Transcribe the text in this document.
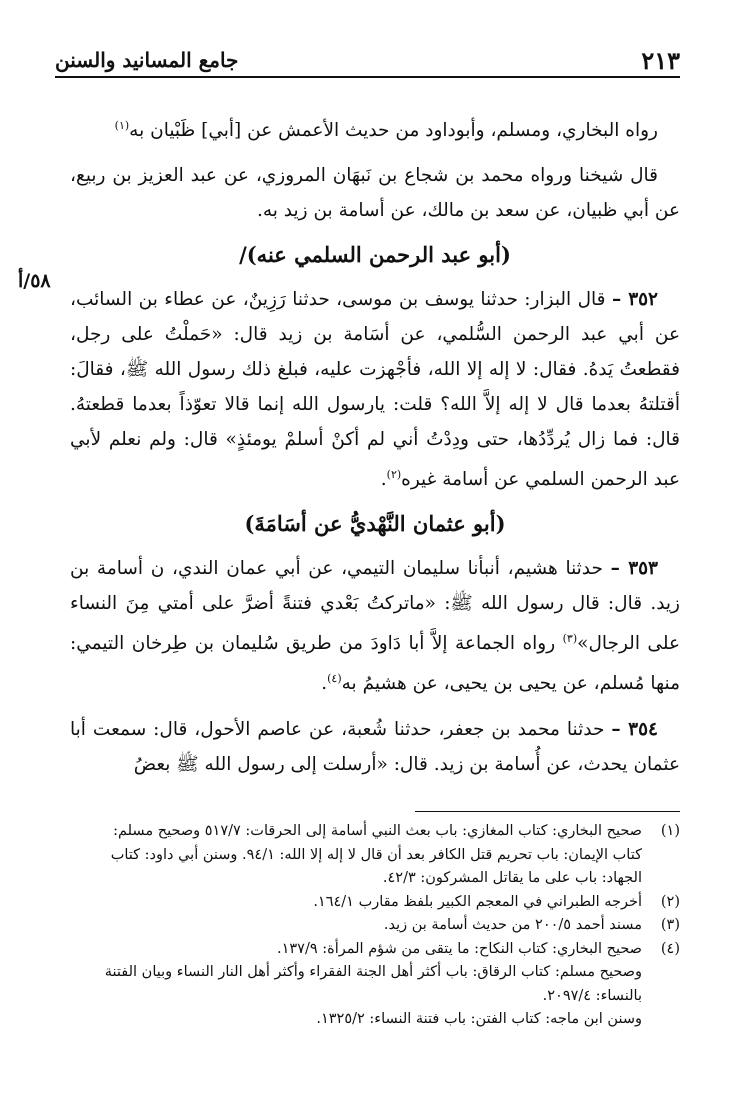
٢١٣
جامع المسانيد والسنن
٥٨/أ

رواه البخاري، ومسلم، وأبوداود من حديث الأعمش عن [أبي] ظَبْيان به$^{(١)}$

قال شيخنا ورواه محمد بن شجاع بن نَبهَان المروزي، عن عبد العزيز بن ربيع، عن أبي ظبيان، عن سعد بن مالك، عن أسامة بن زيد به.

(أبو عبد الرحمن السلمي عنه)/

٣٥٢ – قال البزار: حدثنا يوسف بن موسى، حدثنا رَزِينٌ، عن عطاء بن السائب، عن أبي عبد الرحمن السُّلمي، عن أسَامة بن زيد قال: «حَملْتُ على رجل، فقطعتُ يَدهُ. فقال: لا إله إلا الله، فأجْهزت عليه، فبلغ ذلك رسول الله ﷺ، فقالَ: أقتلتهُ بعدما قال لا إله إلاَّ الله؟ قلت: يارسول الله إنما قالا تعوّذاً بعدما قطعتهُ. قال: فما زال يُردِّدُها، حتى ودِدْتُ أني لم أكنْ أسلمْ يومئذٍ» قال: ولم نعلم لأبي عبد الرحمن السلمي عن أسامة غيره$^{(٢)}$.

(أبو عثمان النَّهْديُّ عن أسَامَةَ)

٣٥٣ – حدثنا هشيم، أنبأنا سليمان التيمي، عن أبي عمان الندي، ن أسامة بن زيد. قال: قال رسول الله ﷺ: «ماتركتُ بَعْدي فتنةً أضرَّ على أمتي مِنَ النساء على الرجال»$^{(٣)}$ رواه الجماعة إلاَّ أبا دَاودَ من طريق سُليمان بن طِرخان التيمي: منها مُسلم، عن يحيى بن يحيى، عن هشيمُ به$^{(٤)}$.

٣٥٤ – حدثنا محمد بن جعفر، حدثنا شُعبة، عن عاصم الأحول، قال: سمعت أبا عثمان يحدث، عن أُسامة بن زيد. قال: «أرسلت إلى رسول الله ﷺ بعضُ

(١)
صحيح البخاري: كتاب المغازي: باب بعث النبي أسامة إلى الحرقات: ٥١٧/٧ وصحيح مسلم:
كتاب الإيمان: باب تحريم قتل الكافر بعد أن قال لا إله إلا الله: ٩٤/١. وسنن أبي داود: كتاب
الجهاد: باب على ما يقاتل المشركون: ٤٢/٣.
(٢)
أخرجه الطبراني في المعجم الكبير بلفظ مقارب ١٦٤/١.
(٣)
مسند أحمد ٢٠٠/٥ من حديث أسامة بن زيد.
(٤)
صحيح البخاري: كتاب النكاح: ما يتقى من شؤم المرأة: ١٣٧/٩.
وصحيح مسلم: كتاب الرقاق: باب أكثر أهل الجنة الفقراء وأكثر أهل النار النساء وبيان الفتنة
بالنساء: ٢٠٩٧/٤.
وسنن ابن ماجه: كتاب الفتن: باب فتنة النساء: ١٣٢٥/٢.
